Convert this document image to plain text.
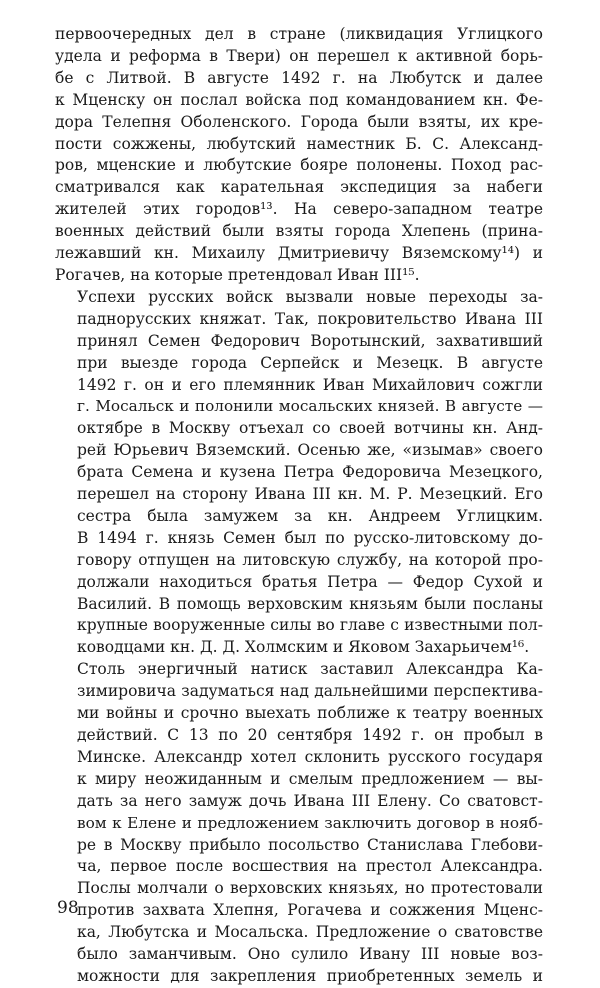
первоочередных дел в стране (ликвидация Углицкого
удела и реформа в Твери) он перешел к активной борь-
бе с Литвой. В августе 1492 г. на Любутск и далее
к Мценску он послал войска под командованием кн. Фе-
дора Телепня Оболенского. Города были взяты, их кре-
пости сожжены, любутский наместник Б. С. Александ-
ров, мценские и любутские бояре полонены. Поход рас-
сматривался как карательная экспедиция за набеги
жителей этих городов¹³. На северо-западном театре
военных действий были взяты города Хлепень (прина-
лежавший кн. Михаилу Дмитриевичу Вяземскому¹⁴) и
Рогачев, на которые претендовал Иван III¹⁵.

Успехи русских войск вызвали новые переходы за-
паднорусских княжат. Так, покровительство Ивана III
принял Семен Федорович Воротынский, захвативший
при выезде города Серпейск и Мезецк. В августе
1492 г. он и его племянник Иван Михайлович сожгли
г. Мосальск и полонили мосальских князей. В августе —
октябре в Москву отъехал со своей вотчины кн. Анд-
рей Юрьевич Вяземский. Осенью же, «изымав» своего
брата Семена и кузена Петра Федоровича Мезецкого,
перешел на сторону Ивана III кн. М. Р. Мезецкий. Его
сестра была замужем за кн. Андреем Углицким.
В 1494 г. князь Семен был по русско-литовскому до-
говору отпущен на литовскую службу, на которой про-
должали находиться братья Петра — Федор Сухой и
Василий. В помощь верховским князьям были посланы
крупные вооруженные силы во главе с известными пол-
ководцами кн. Д. Д. Холмским и Яковом Захарьичем¹⁶.

Столь энергичный натиск заставил Александра Ка-
зимировича задуматься над дальнейшими перспектива-
ми войны и срочно выехать поближе к театру военных
действий. С 13 по 20 сентября 1492 г. он пробыл в
Минске. Александр хотел склонить русского государя
к миру неожиданным и смелым предложением — вы-
дать за него замуж дочь Ивана III Елену. Со сватовст-
вом к Елене и предложением заключить договор в нояб-
ре в Москву прибыло посольство Станислава Глебови-
ча, первое после восшествия на престол Александра.
Послы молчали о верховских князьях, но протестовали
против захвата Хлепня, Рогачева и сожжения Мценс-
ка, Любутска и Мосальска. Предложение о сватовстве
было заманчивым. Оно сулило Ивану III новые воз-
можности для закрепления приобретенных земель и

98
